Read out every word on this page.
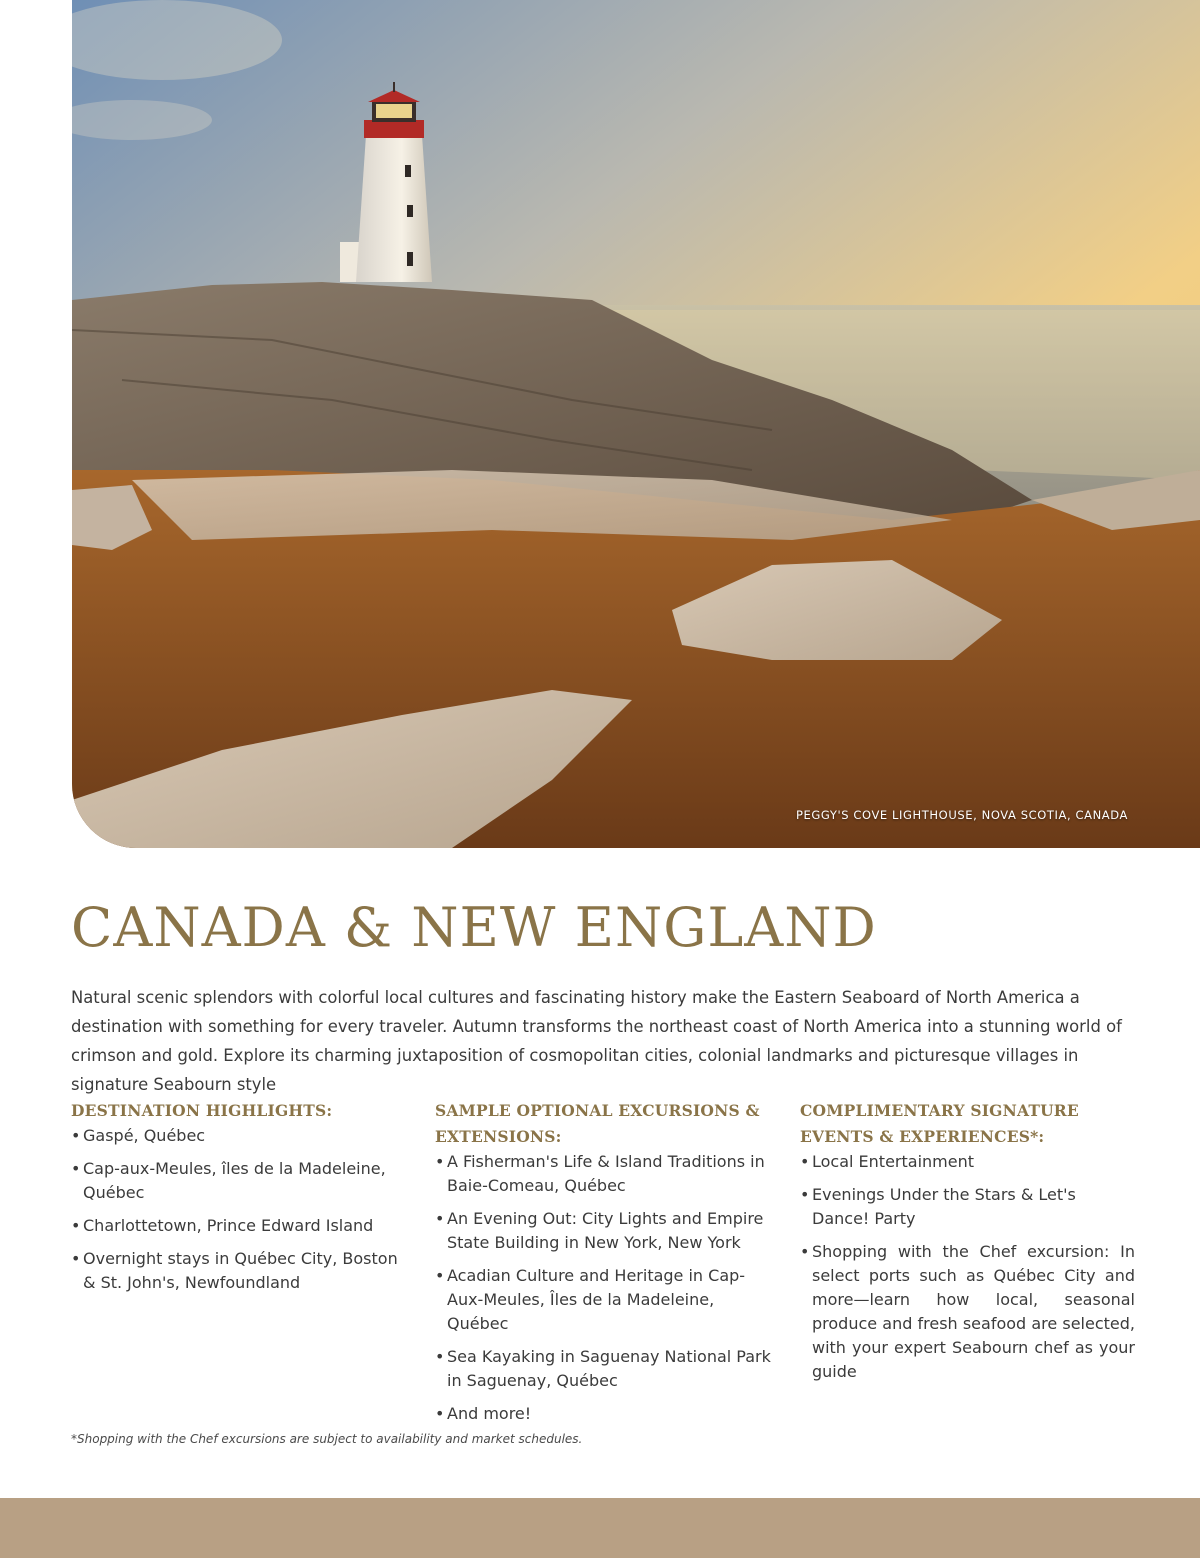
PEGGY'S COVE LIGHTHOUSE, NOVA SCOTIA, CANADA
CANADA & NEW ENGLAND

Natural scenic splendors with colorful local cultures and fascinating history make the Eastern Seaboard of North America a destination with something for every traveler. Autumn transforms the northeast coast of North America into a stunning world of crimson and gold. Explore its charming juxtaposition of cosmopolitan cities, colonial landmarks and picturesque villages in signature Seabourn style

DESTINATION HIGHLIGHTS:
• Gaspé, Québec
• Cap-aux-Meules, îles de la Madeleine, Québec
• Charlottetown, Prince Edward Island
• Overnight stays in Québec City, Boston & St. John's, Newfoundland
SAMPLE OPTIONAL EXCURSIONS & EXTENSIONS:
• A Fisherman's Life & Island Traditions in Baie-Comeau, Québec
• An Evening Out: City Lights and Empire State Building in New York, New York
• Acadian Culture and Heritage in Cap-Aux-Meules, Îles de la Madeleine, Québec
• Sea Kayaking in Saguenay National Park in Saguenay, Québec
• And more!
COMPLIMENTARY SIGNATURE EVENTS & EXPERIENCES*:
• Local Entertainment
• Evenings Under the Stars & Let's Dance! Party
• Shopping with the Chef excursion: In select ports such as Québec City and more—learn how local, seasonal produce and fresh seafood are selected, with your expert Seabourn chef as your guide

*Shopping with the Chef excursions are subject to availability and market schedules.
